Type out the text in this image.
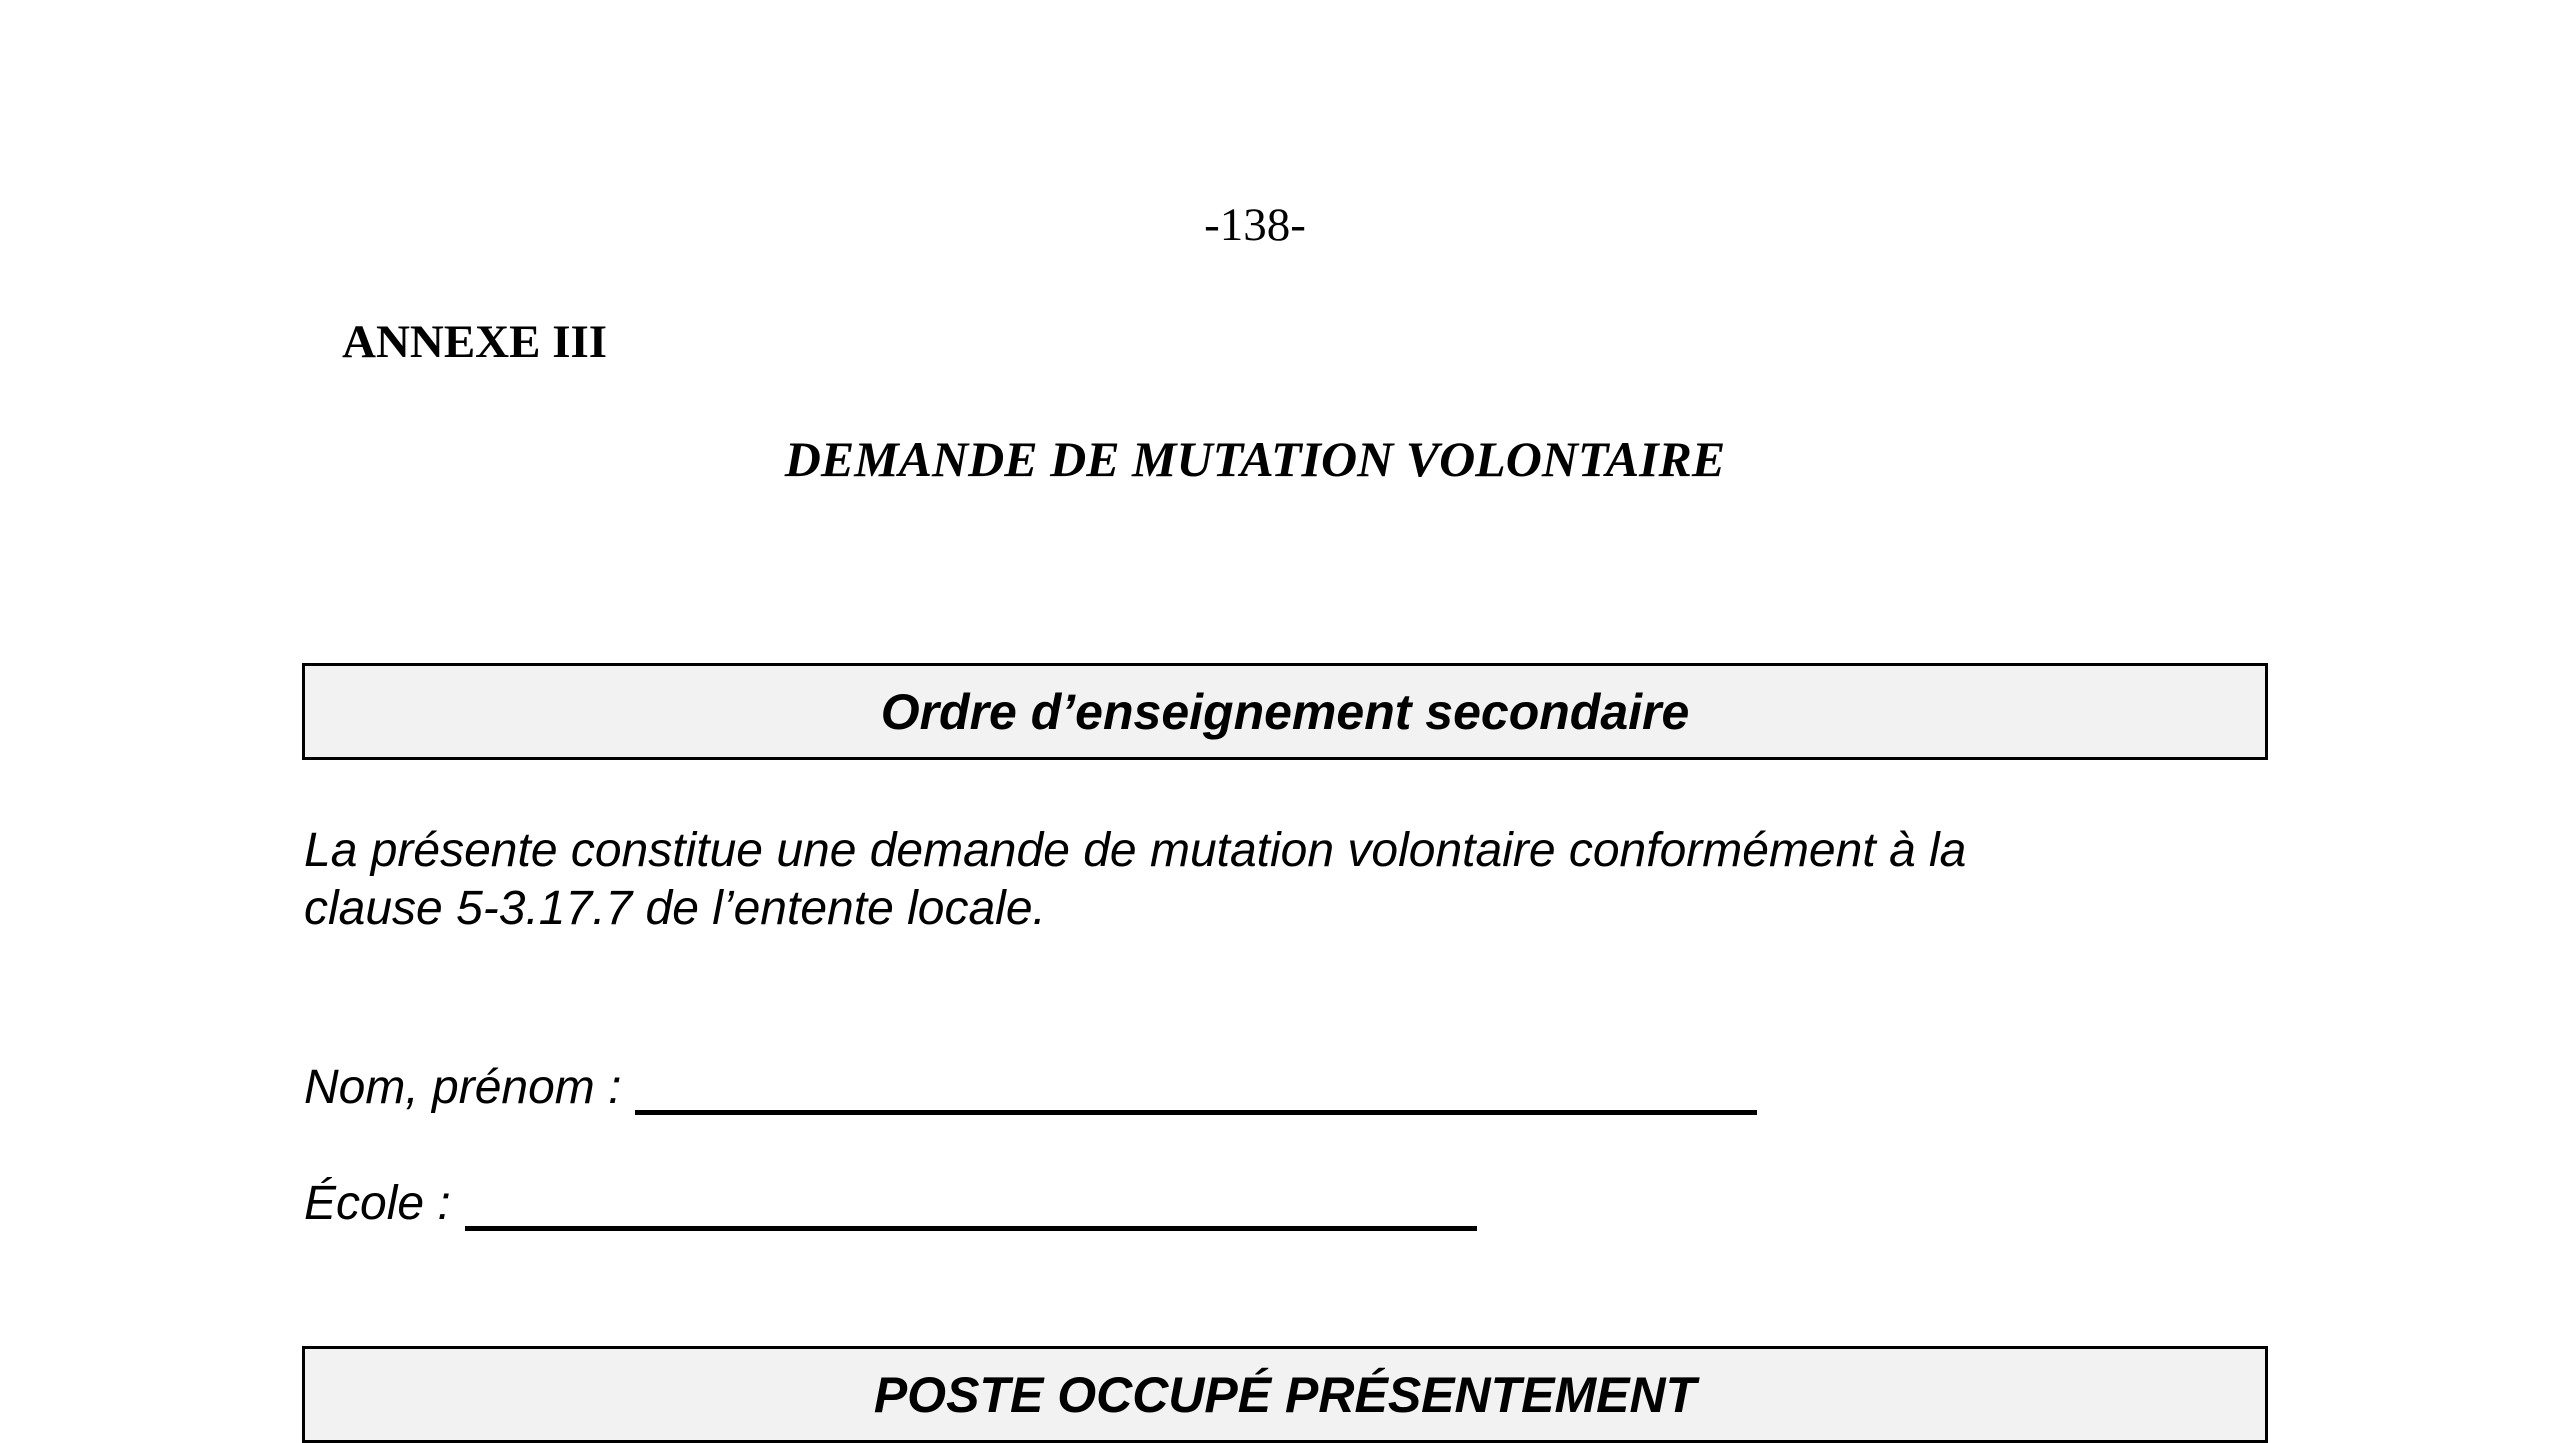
-138-
ANNEXE III
DEMANDE DE MUTATION VOLONTAIRE
Ordre d’enseignement secondaire
La présente constitue une demande de mutation volontaire conformément à la
clause 5-3.17.7 de l’entente locale.
Nom, prénom :
École :
POSTE OCCUPÉ PRÉSENTEMENT
